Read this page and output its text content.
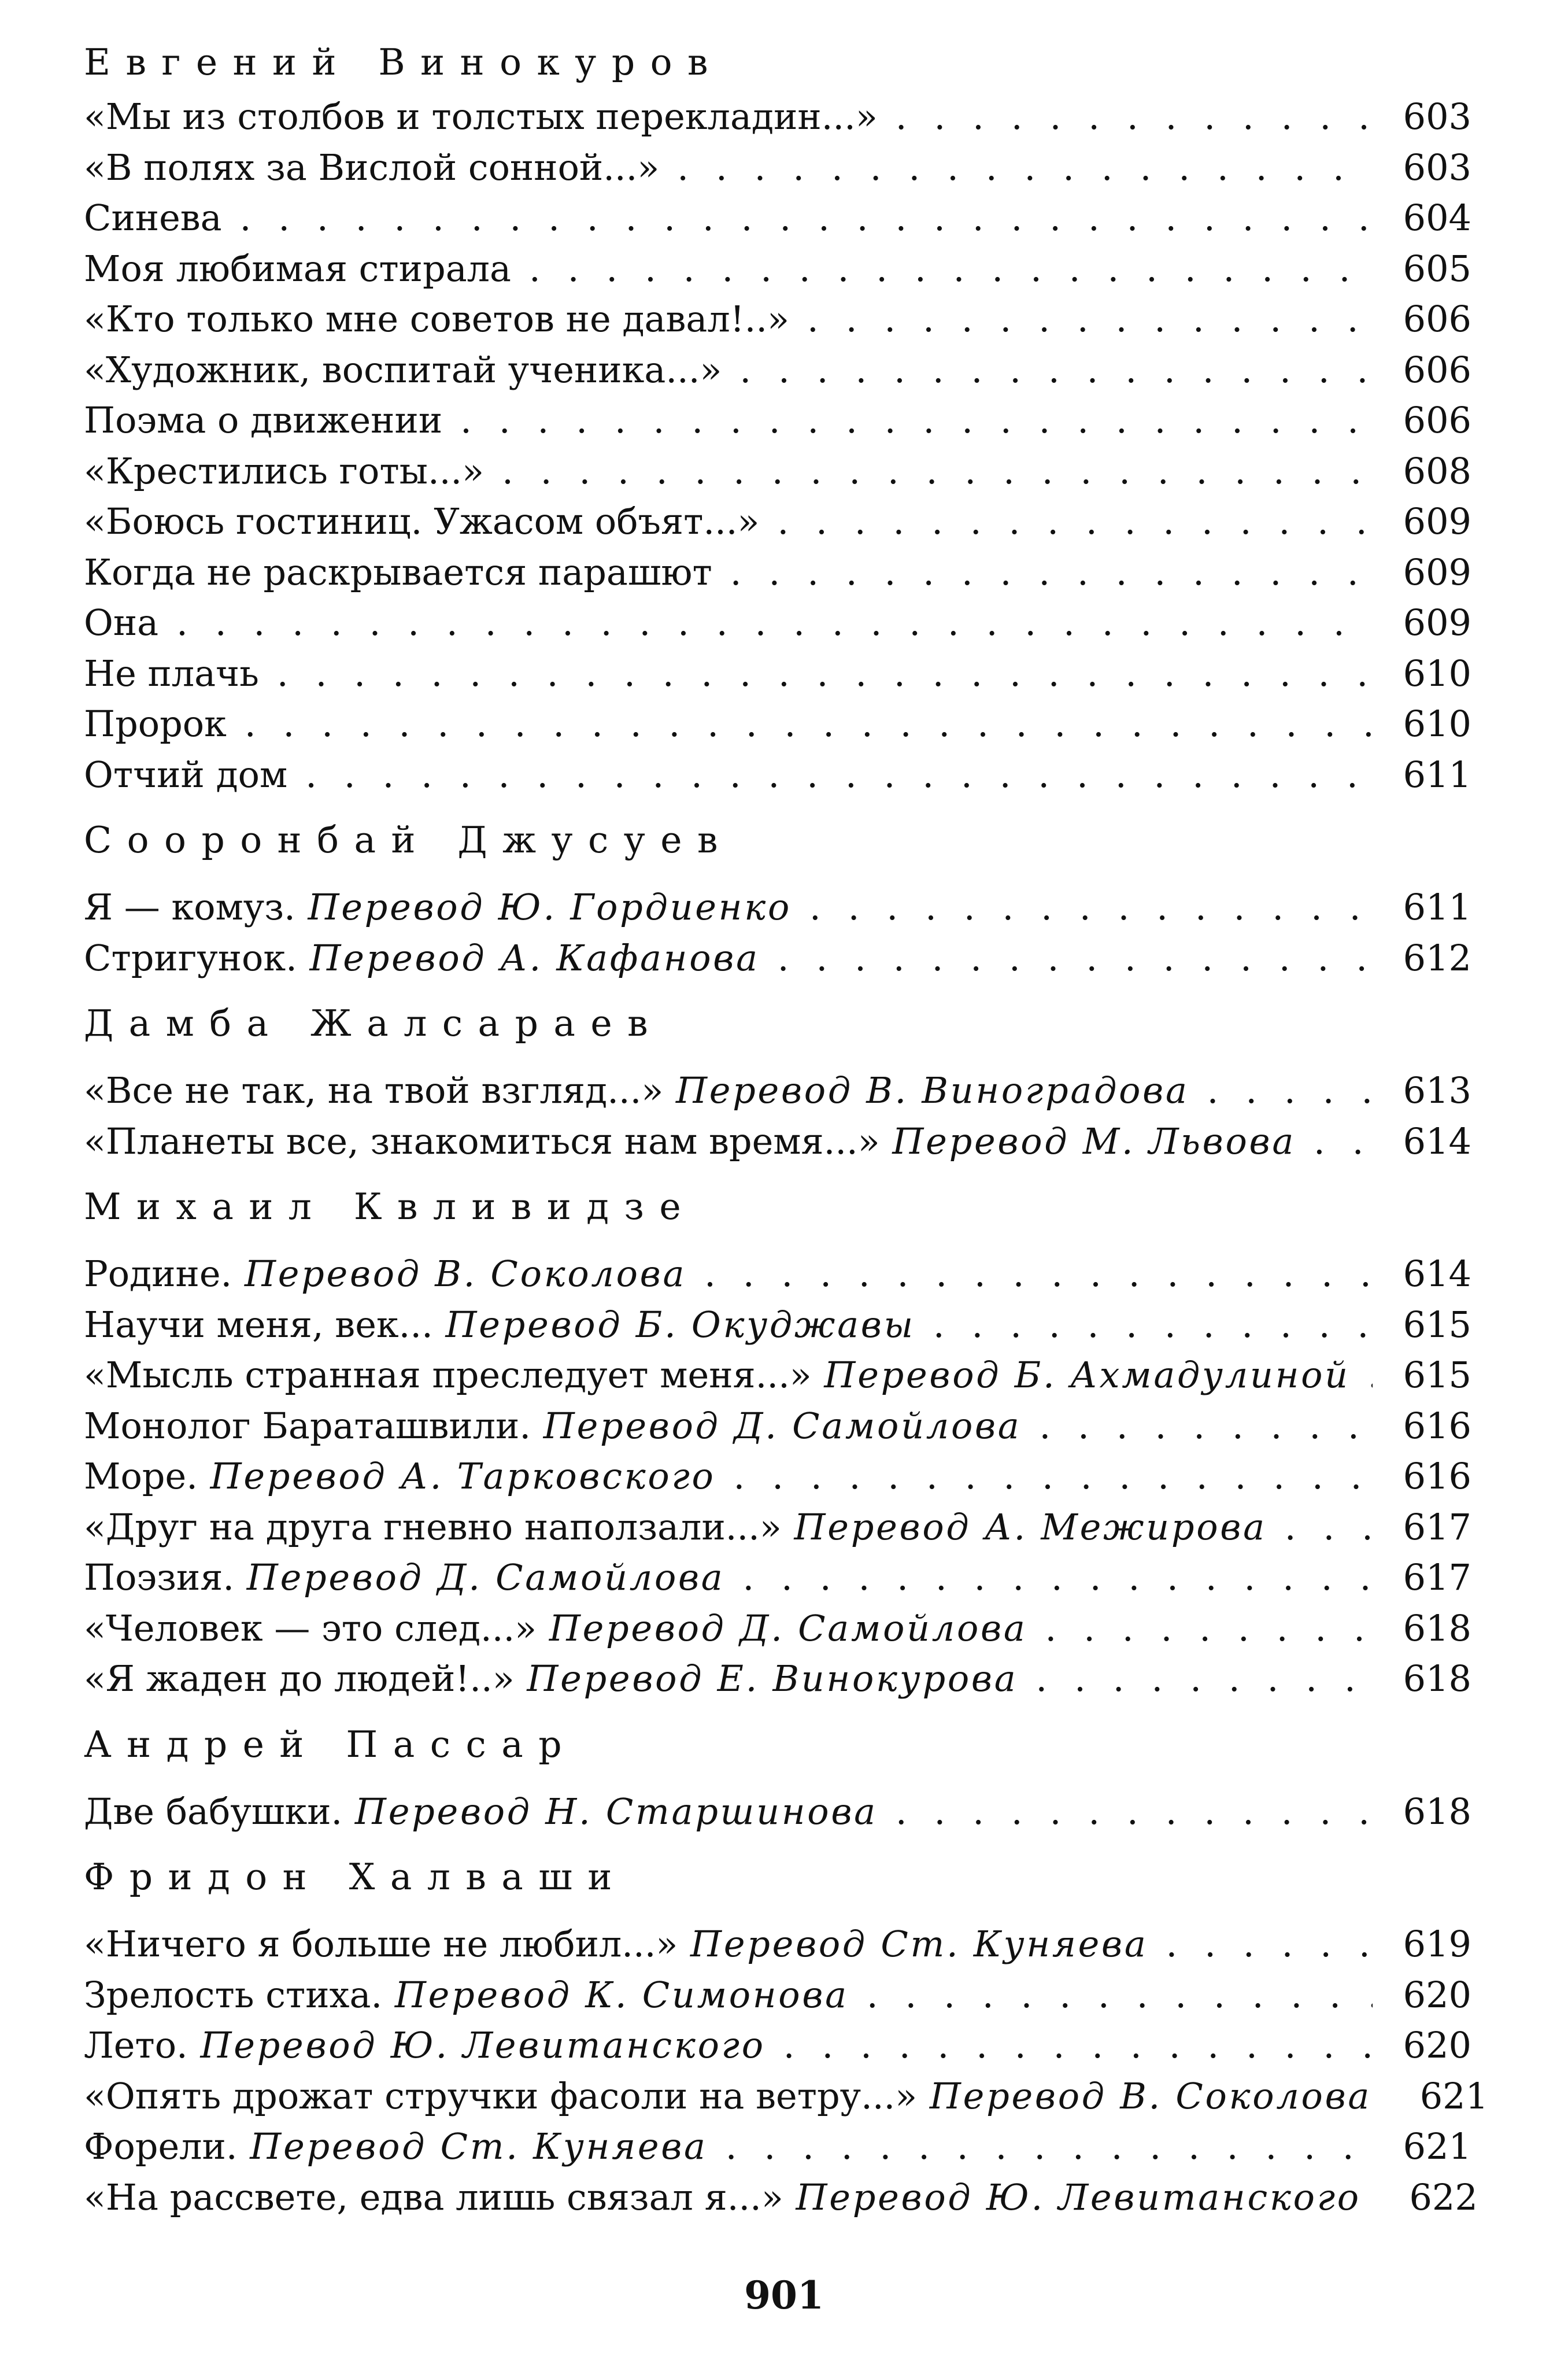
Евгений Винокуров
«Мы из столбов и толстых перекладин...» . . .	603
«В полях за Вислой сонной...» . . .	603
Синева . . .	604
Моя любимая стирала . . .	605
«Кто только мне советов не давал!..» . . .	606
«Художник, воспитай ученика...» . . .	606
Поэма о движении . . .	606
«Крестились готы...» . . .	608
«Боюсь гостиниц. Ужасом объят...» . . .	609
Когда не раскрывается парашют . . .	609
Она . . .	609
Не плачь . . .	610
Пророк . . .	610
Отчий дом . . .	611
Сооронбай Джусуев
Я — комуз. Перевод Ю. Гордиенко . . .	611
Стригунок. Перевод А. Кафанова . . .	612
Дамба Жалсараев
«Все не так, на твой взгляд...» Перевод В. Виноградова . . .	613
«Планеты все, знакомиться нам время...» Перевод М. Львова . . .	614
Михаил Квливидзе
Родине. Перевод В. Соколова . . .	614
Научи меня, век... Перевод Б. Окуджавы . . .	615
«Мысль странная преследует меня...» Перевод Б. Ахмадулиной . . .	615
Монолог Бараташвили. Перевод Д. Самойлова . . .	616
Море. Перевод А. Тарковского . . .	616
«Друг на друга гневно наползали...» Перевод А. Межирова . . .	617
Поэзия. Перевод Д. Самойлова . . .	617
«Человек — это след...» Перевод Д. Самойлова . . .	618
«Я жаден до людей!..» Перевод Е. Винокурова . . .	618
Андрей Пассар
Две бабушки. Перевод Н. Старшинова . . .	618
Фридон Халваши
«Ничего я больше не любил...» Перевод Ст. Куняева . . .	619
Зрелость стиха. Перевод К. Симонова . . .	620
Лето. Перевод Ю. Левитанского . . .	620
«Опять дрожат стручки фасоли на ветру...» Перевод В. Соколова	621
Форели. Перевод Ст. Куняева . . .	621
«На рассвете, едва лишь связал я...» Перевод Ю. Левитанского	622
901
